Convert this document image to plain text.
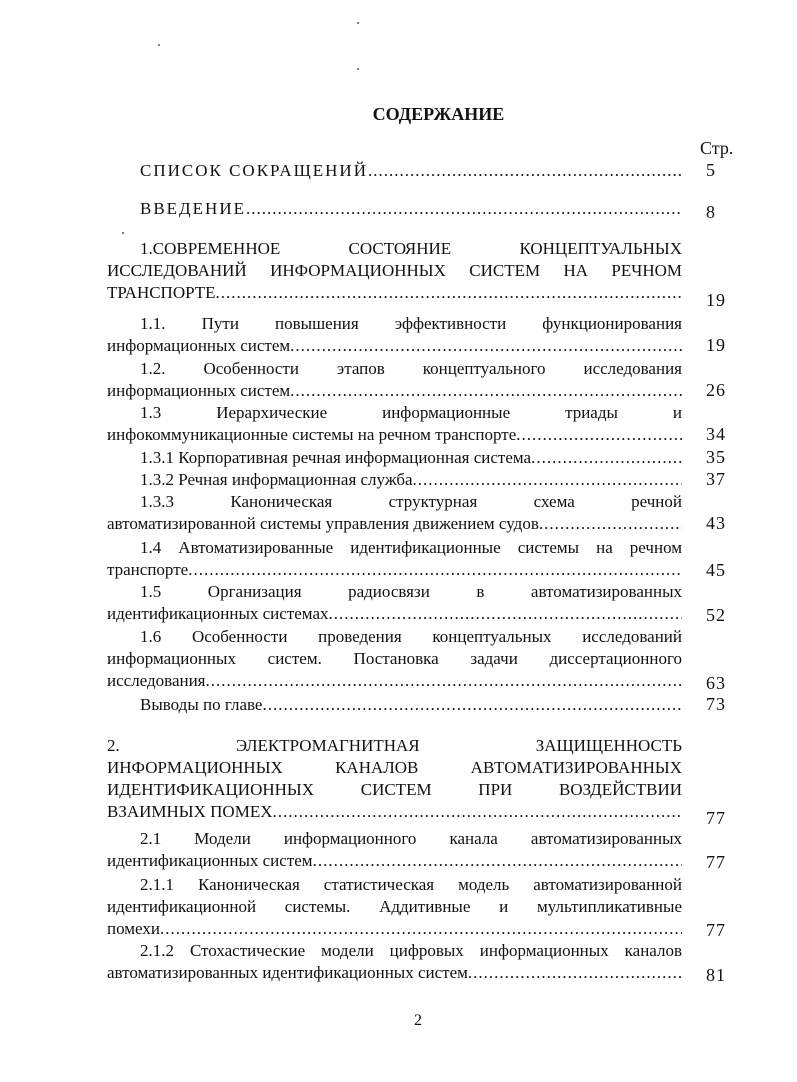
СОДЕРЖАНИЕ
Стр.
СПИСОК СОКРАЩЕНИЙ .....	5
ВВЕДЕНИЕ .....	8
1.СОВРЕМЕННОЕ СОСТОЯНИЕ КОНЦЕПТУАЛЬНЫХ
ИССЛЕДОВАНИЙ ИНФОРМАЦИОННЫХ СИСТЕМ НА РЕЧНОМ
ТРАНСПОРТЕ .....	19
1.1. Пути повышения эффективности функционирования
информационных систем .....	19
1.2. Особенности этапов концептуального исследования
информационных систем .....	26
1.3 Иерархические информационные триады и
инфокоммуникационные системы на речном транспорте .....	34
1.3.1 Корпоративная речная информационная система .....	35
1.3.2 Речная информационная служба .....	37
1.3.3 Каноническая структурная схема речной
автоматизированной системы управления движением судов .....	43
1.4 Автоматизированные идентификационные системы на речном
транспорте .....	45
1.5 Организация радиосвязи в автоматизированных
идентификационных системах .....	52
1.6 Особенности проведения концептуальных исследований
информационных систем. Постановка задачи диссертационного
исследования .....	63
Выводы по главе .....	73
2. ЭЛЕКТРОМАГНИТНАЯ ЗАЩИЩЕННОСТЬ
ИНФОРМАЦИОННЫХ КАНАЛОВ АВТОМАТИЗИРОВАННЫХ
ИДЕНТИФИКАЦИОННЫХ СИСТЕМ ПРИ ВОЗДЕЙСТВИИ
ВЗАИМНЫХ ПОМЕХ .....	77
2.1 Модели информационного канала автоматизированных
идентификационных систем .....	77
2.1.1 Каноническая статистическая модель автоматизированной
идентификационной системы. Аддитивные и мультипликативные
помехи .....	77
2.1.2 Стохастические модели цифровых информационных каналов
автоматизированных идентификационных систем .....	81
2
